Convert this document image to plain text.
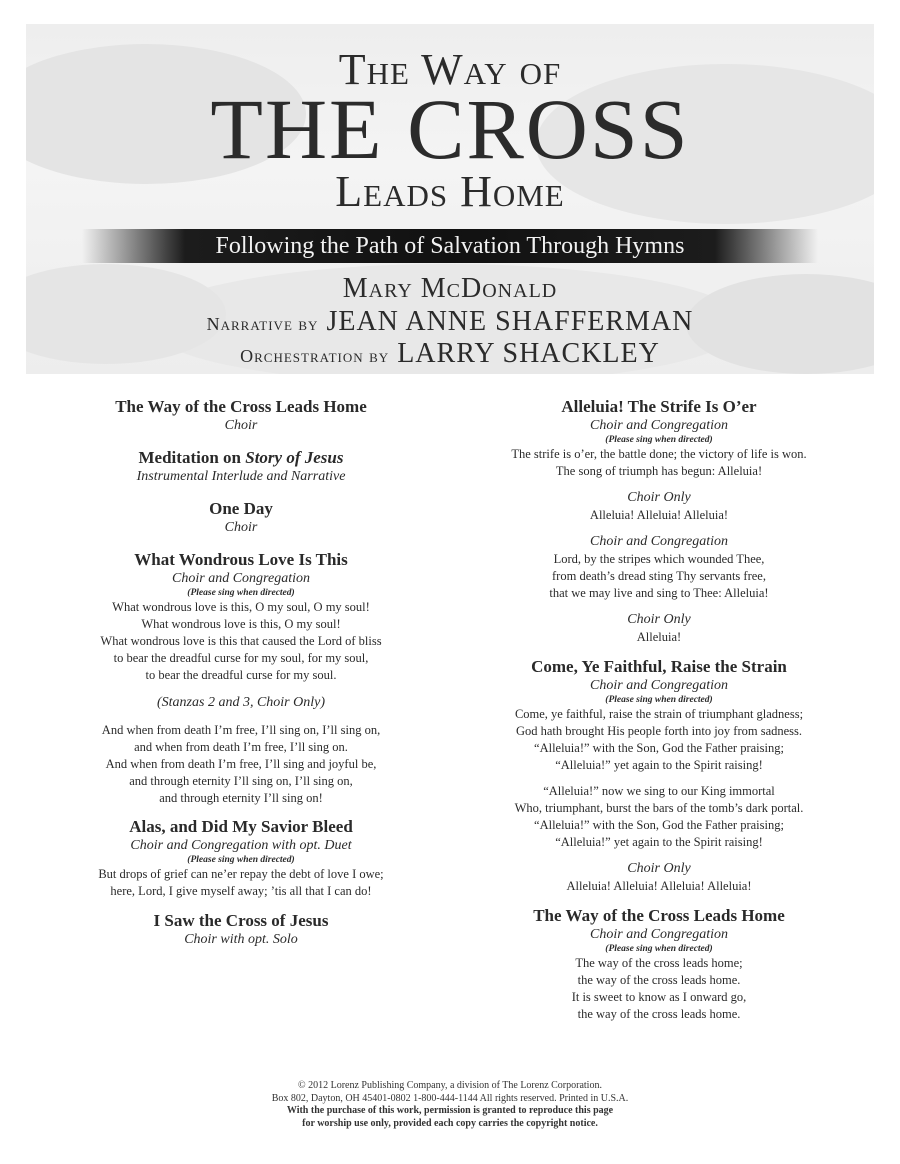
The Way of
THE CROSS
Leads Home
Following the Path of Salvation Through Hymns
Mary McDonald
Narrative by JEAN ANNE SHAFFERMAN
Orchestration by LARRY SHACKLEY
The Way of the Cross Leads Home
Choir
Meditation on Story of Jesus
Instrumental Interlude and Narrative
One Day
Choir
What Wondrous Love Is This
Choir and Congregation
(Please sing when directed)
What wondrous love is this, O my soul, O my soul!
What wondrous love is this, O my soul!
What wondrous love is this that caused the Lord of bliss
to bear the dreadful curse for my soul, for my soul,
to bear the dreadful curse for my soul.
(Stanzas 2 and 3, Choir Only)
And when from death I’m free, I’ll sing on, I’ll sing on,
and when from death I’m free, I’ll sing on.
And when from death I’m free, I’ll sing and joyful be,
and through eternity I’ll sing on, I’ll sing on,
and through eternity I’ll sing on!
Alas, and Did My Savior Bleed
Choir and Congregation with opt. Duet
(Please sing when directed)
But drops of grief can ne’er repay the debt of love I owe;
here, Lord, I give myself away; ’tis all that I can do!
I Saw the Cross of Jesus
Choir with opt. Solo
Alleluia! The Strife Is O’er
Choir and Congregation
(Please sing when directed)
The strife is o’er, the battle done; the victory of life is won.
The song of triumph has begun: Alleluia!
Choir Only
Alleluia! Alleluia! Alleluia!
Choir and Congregation
Lord, by the stripes which wounded Thee,
from death’s dread sting Thy servants free,
that we may live and sing to Thee: Alleluia!
Choir Only
Alleluia!
Come, Ye Faithful, Raise the Strain
Choir and Congregation
(Please sing when directed)
Come, ye faithful, raise the strain of triumphant gladness;
God hath brought His people forth into joy from sadness.
“Alleluia!” with the Son, God the Father praising;
“Alleluia!” yet again to the Spirit raising!
“Alleluia!” now we sing to our King immortal
Who, triumphant, burst the bars of the tomb’s dark portal.
“Alleluia!” with the Son, God the Father praising;
“Alleluia!” yet again to the Spirit raising!
Choir Only
Alleluia! Alleluia! Alleluia! Alleluia!
The Way of the Cross Leads Home
Choir and Congregation
(Please sing when directed)
The way of the cross leads home;
the way of the cross leads home.
It is sweet to know as I onward go,
the way of the cross leads home.
© 2012 Lorenz Publishing Company, a division of The Lorenz Corporation.
Box 802, Dayton, OH 45401-0802 1-800-444-1144 All rights reserved. Printed in U.S.A.
With the purchase of this work, permission is granted to reproduce this page
for worship use only, provided each copy carries the copyright notice.
